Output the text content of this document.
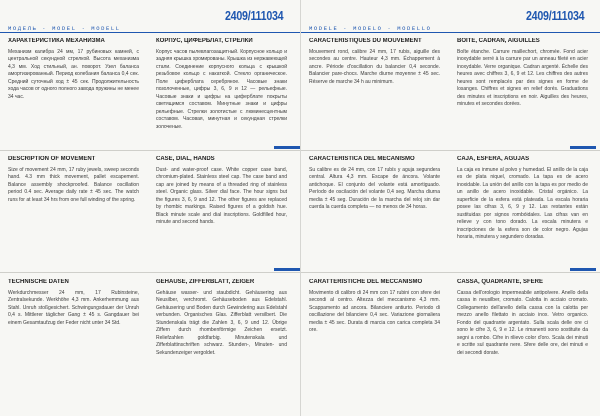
МОДЕЛЬ · MODEL · MODELL
2409/111034
ХАРАКТЕРИСТИКА МЕХАНИЗМА
Механизм калибра 24 мм, 17 рубиновых камней, с центральной секундной стрелкой. Высота механизма 4,3 мм. Ход стильный, ан. поворот. Узел баланса амортизированный. Период колебания баланса 0,4 сек. Средний суточный ход ± 45 сек. Продолжительность хода часов от одного полного завода пружины не менее 34 час.
КОРПУС, ЦИФЕРБЛАТ, СТРЕЛКИ
Корпус часов пылевлагозащитный. Корпусное кольцо и задняя крышка хромированы. Крышка из нержавеющей стали. Соединение корпусного кольца с крышкой резьбовое кольцо с накаткой. Стекло органическое. Поле циферблата серебряное. Часовые знаки позолоченные, цифры 3, 6, 9 и 12 — рельефные. Часовые знаки и цифры на циферблате покрыты светящимся составом. Минутные знаки и цифры рельефные. Стрелки золотистые с люминесцентным составом. Часовая, минутная и секундная стрелки золоченые.
DESCRIPTION OF MOVEMENT
Size of movement 24 mm, 17 ruby jewels, sweep seconds hand. 4.3 mm thick movement, pallet escapement. Balance assembly shockproofed. Balance oscillation period 0.4 sec. Average daily rate ± 45 sec. The watch runs for at least 34 hrs from one full winding of the spring.
CASE, DIAL, HANDS
Dust- and water-proof case. White copper case band, chromium-plated. Stainless steel cap. The case band and cap are joined by means of a threaded ring of stainless steel. Organic glass. Silver dial face. The hour signs but the figures 3, 6, 9 and 12. The other figures are replaced by rhombic markings. Raised figures of a goldish hue. Black minute scale and dial inscriptions. Goldfilled hour, minute and second hands.
TECHNISCHE DATEN
Werkdurchmesser 24 mm, 17 Rubinsteine, Zentralsekunde. Werkhöhe 4,3 mm. Ankerhemmung aus Stahl. Unruh stoßgesichert. Schwingungsdauer der Unruh 0,4 s. Mittlerer täglicher Gang ± 45 s. Gangdauer bei einem Gesamtaufzug der Feder nicht unter 34 Std.
GEHÄUSE, ZIFFERBLATT, ZEIGER
Gehäuse wasser- und staubdicht. Gehäusering aus Neusilber, verchromt. Gehäuseboden aus Edelstahl. Gehäusering und Boden durch Gewindering aus Edelstahl verbunden. Organisches Glas. Zifferblatt versilbert. Die Stundenskala trägt die Zahlen 3, 6, 9 und 12. Übrige Ziffern durch rhombenförmige Zeichen ersetzt. Reliefzahlen goldfarbig. Minutenskala und Zifferblattinschriften schwarz. Stunden-, Minuten- und Sekundenzeiger vergoldet.
MODELE · MODELO · MODELLO
2409/111034
CARACTÉRISTIQUES DU MOUVEMENT
Mouvement rond, calibre 24 mm, 17 rubis, aiguille des secondes au centre. Hauteur 4,3 mm. Échappement à ancre. Période d'oscillation du balancier 0,4 seconde. Balancier pare-chocs. Marche diurne moyenne ± 45 sec. Réserve de marche 34 h au minimum.
BOÎTE, CADRAN, AIGUILLES
Boîte étanche. Carrure maillechort, chromée. Fond acier inoxydable serré à la carrure par un anneau fileté en acier inoxydable. Verre organique. Cadran argenté. Échelle des heures avec chiffres 3, 6, 9 et 12. Les chiffres des autres heures sont remplacés par des signes en forme de losanges. Chiffres et signes en relief dorés. Graduations des minutes et inscriptions en noir. Aiguilles des heures, minutes et secondes dorées.
CARACTERÍSTICA DEL MECANISMO
Su calibre es de 24 mm, con 17 rubís y aguja segundera central. Altura 4,3 mm. Escape de áncora. Volante antichoque. El conjunto del volante está amortiguado. Período de oscilación del volante 0,4 seg. Marcha diurna media ± 45 seg. Duración de la marcha del reloj sin dar cuerda la cuerda completa — no menos de 34 horas.
CAJA, ESFERA, AGUJAS
La caja es inmune al polvo y humedad. El anillo de la caja es de plata niquel, cromado. La tapa es de acero inoxidable. La unión del anillo con la tapa es por medio de un anillo de acero inoxidable. Cristal orgánico. La superficie de la esfera está plateada. La escala horaria posee las cifras 3, 6, 9 y 12. Las restantes están sustituidas por signos rombóidales. Las cifras van en relieve y con tono dorado. La escala minutera e inscripciones de la esfera son de color negro. Agujas horaria, minutera y segundero doradas.
CARATTERISTICHE DEL MECCANISMO
Movimento di calibro di 24 mm con 17 rubini con sfere dei secondi al centro. Altezza del meccanismo 4,3 mm. Scappamento ad ancora. Bilanciere antiurto. Periodo di oscillazione del bilanciere 0,4 sec. Variazione giornaliera media ± 45 sec. Durata di marcia con carica completa 34 ore.
CASSA, QUADRANTE, SFERE
Cassa dell'orologio impermeabile antipolvere. Anello della cassa in neusilber, cromato. Calotta in acciaio cromato. Collegamento dell'anello della cassa con la calotta per mezzo anello filettato in acciaio inox. Vetro organico. Fondo del quadrante argentato. Sulla scala delle ore ci sono le cifre 3, 6, 9 e 12. Le rimanenti sono sostituite da segni a rombo. Cifre in rilievo color d'oro. Scala dei minuti e scritte sul quadrante nere. Sfere delle ore, dei minuti e dei secondi dorate.
